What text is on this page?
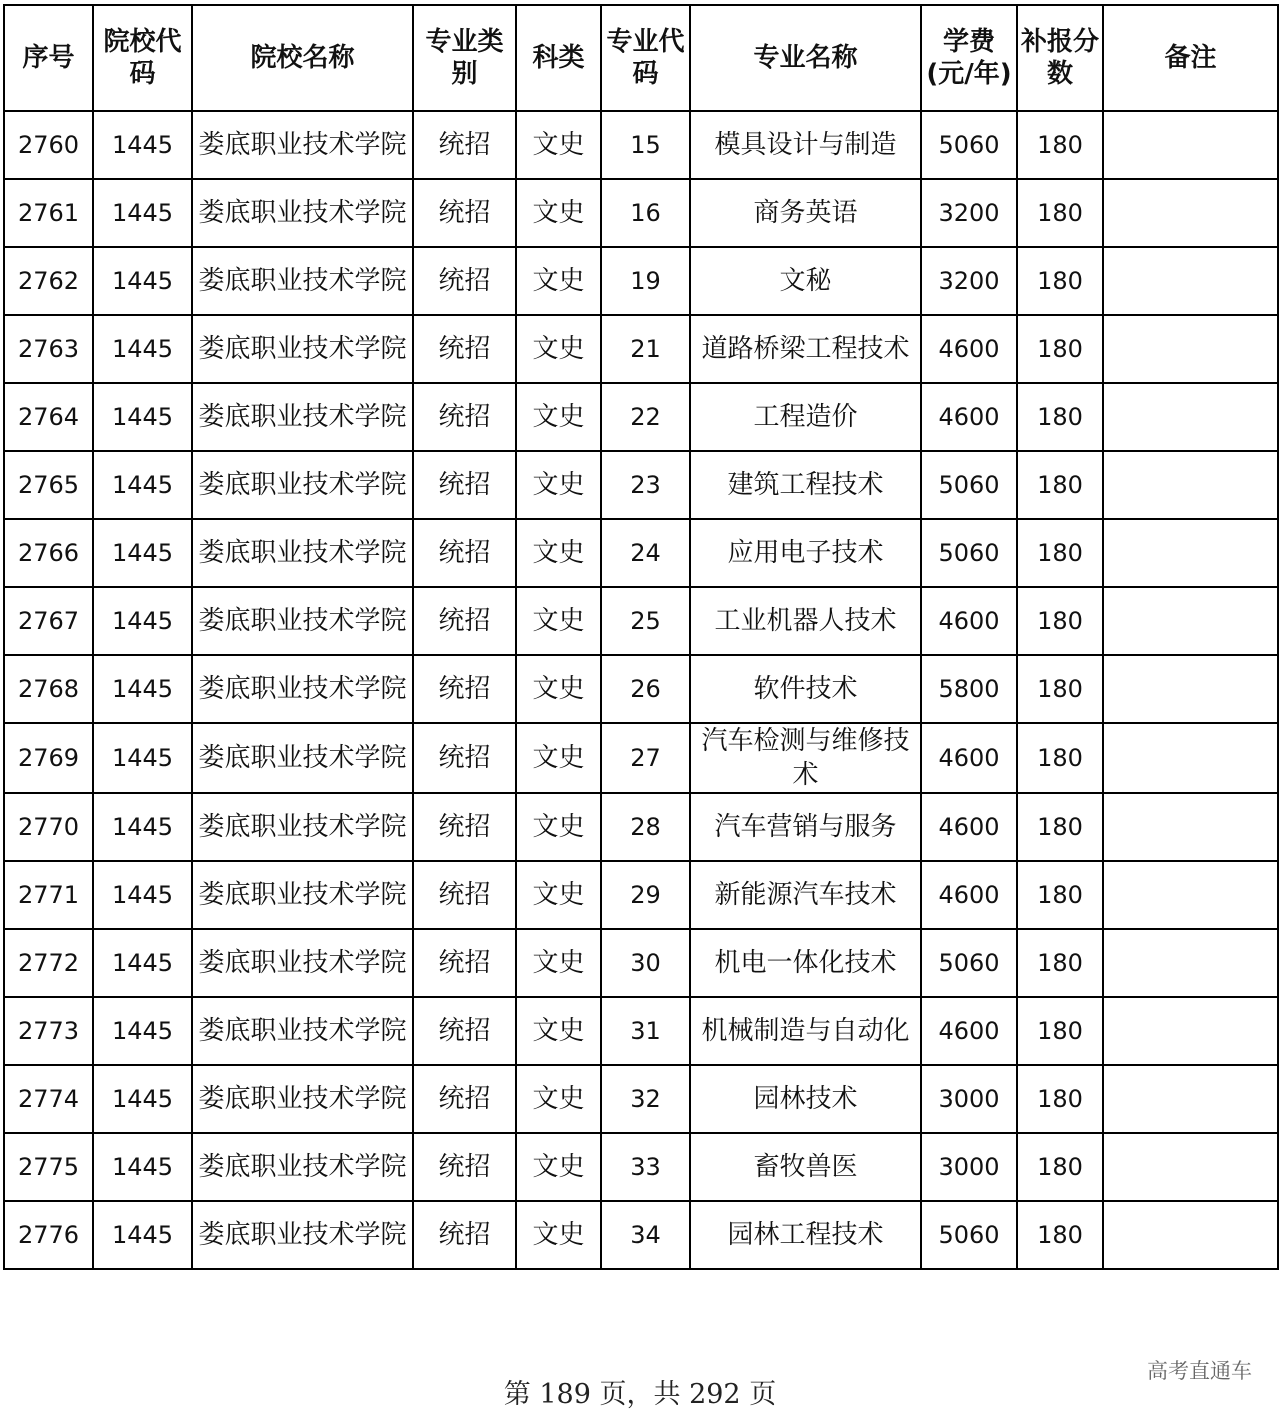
序号	院校代码	院校名称	专业类别	科类	专业代码	专业名称	学费(元/年)	补报分数	备注
2760	1445	娄底职业技术学院	统招	文史	15	模具设计与制造	5060	180	
2761	1445	娄底职业技术学院	统招	文史	16	商务英语	3200	180	
2762	1445	娄底职业技术学院	统招	文史	19	文秘	3200	180	
2763	1445	娄底职业技术学院	统招	文史	21	道路桥梁工程技术	4600	180	
2764	1445	娄底职业技术学院	统招	文史	22	工程造价	4600	180	
2765	1445	娄底职业技术学院	统招	文史	23	建筑工程技术	5060	180	
2766	1445	娄底职业技术学院	统招	文史	24	应用电子技术	5060	180	
2767	1445	娄底职业技术学院	统招	文史	25	工业机器人技术	4600	180	
2768	1445	娄底职业技术学院	统招	文史	26	软件技术	5800	180	
2769	1445	娄底职业技术学院	统招	文史	27	汽车检测与维修技术	4600	180	
2770	1445	娄底职业技术学院	统招	文史	28	汽车营销与服务	4600	180	
2771	1445	娄底职业技术学院	统招	文史	29	新能源汽车技术	4600	180	
2772	1445	娄底职业技术学院	统招	文史	30	机电一体化技术	5060	180	
2773	1445	娄底职业技术学院	统招	文史	31	机械制造与自动化	4600	180	
2774	1445	娄底职业技术学院	统招	文史	32	园林技术	3000	180	
2775	1445	娄底职业技术学院	统招	文史	33	畜牧兽医	3000	180	
2776	1445	娄底职业技术学院	统招	文史	34	园林工程技术	5060	180	
第 189 页，共 292 页
高考直通车
